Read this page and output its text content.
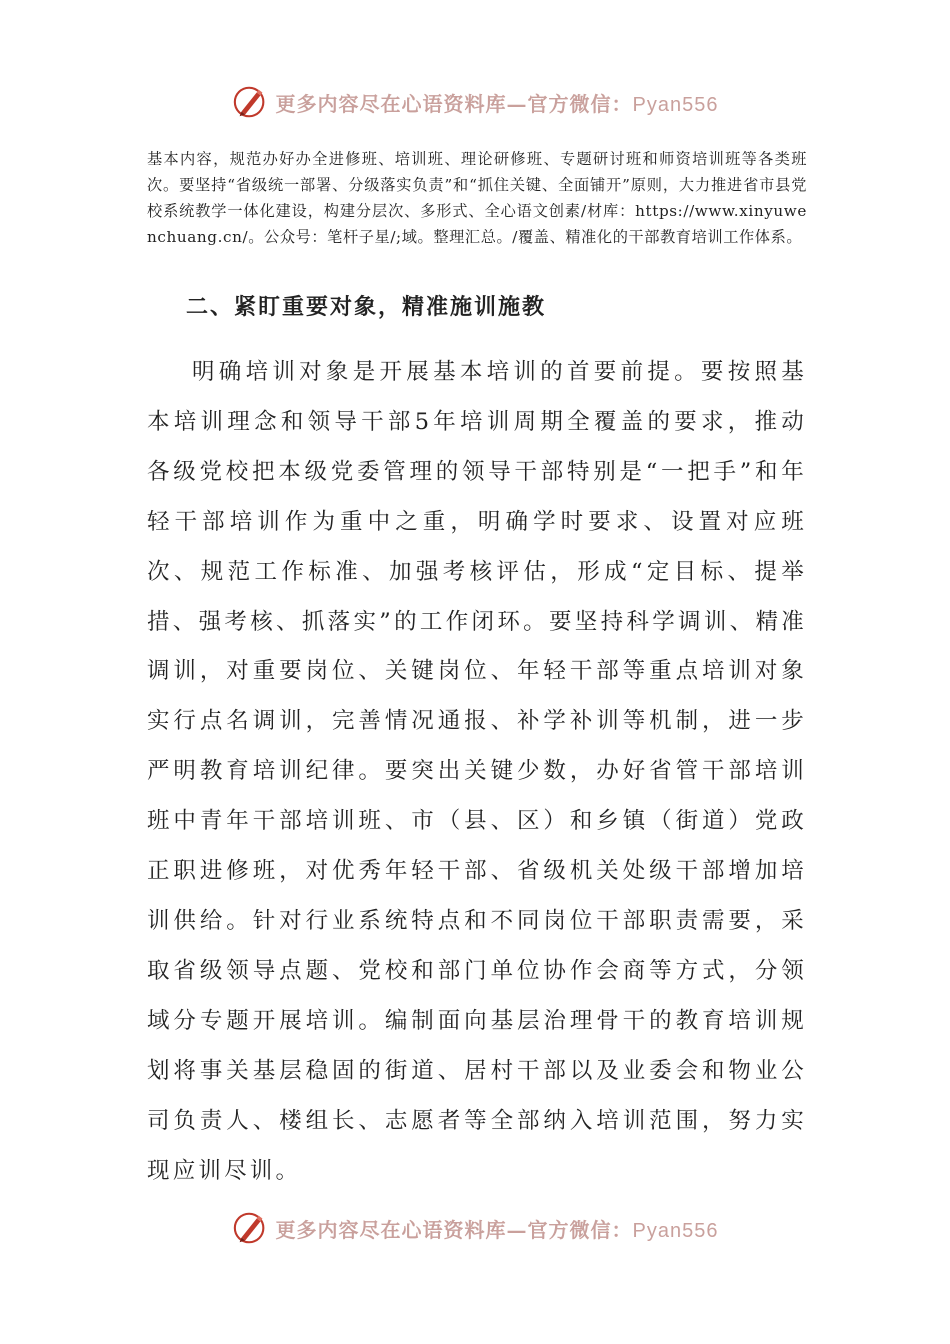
更多内容尽在心语资料库—官方微信：Pyan556

基本内容，规范办好办全进修班、培训班、理论研修班、专题研讨班和师资培训班等各类班次。要坚持“省级统一部署、分级落实负责”和“抓住关键、全面铺开”原则，大力推进省市县党校系统教学一体化建设，构建分层次、多形式、全心语文创素/材库：https://www.xinyuwenchuang.cn/。公众号：笔杆子星/;域。整理汇总。/覆盖、精准化的干部教育培训工作体系。

二、紧盯重要对象，精准施训施教

明确培训对象是开展基本培训的首要前提。要按照基本培训理念和领导干部5年培训周期全覆盖的要求，推动各级党校把本级党委管理的领导干部特别是“一把手”和年轻干部培训作为重中之重，明确学时要求、设置对应班次、规范工作标准、加强考核评估，形成“定目标、提举措、强考核、抓落实”的工作闭环。要坚持科学调训、精准调训，对重要岗位、关键岗位、年轻干部等重点培训对象实行点名调训，完善情况通报、补学补训等机制，进一步严明教育培训纪律。要突出关键少数，办好省管干部培训班中青年干部培训班、市（县、区）和乡镇（街道）党政正职进修班，对优秀年轻干部、省级机关处级干部增加培训供给。针对行业系统特点和不同岗位干部职责需要，采取省级领导点题、党校和部门单位协作会商等方式，分领域分专题开展培训。编制面向基层治理骨干的教育培训规划将事关基层稳固的街道、居村干部以及业委会和物业公司负责人、楼组长、志愿者等全部纳入培训范围，努力实现应训尽训。

更多内容尽在心语资料库—官方微信：Pyan556
